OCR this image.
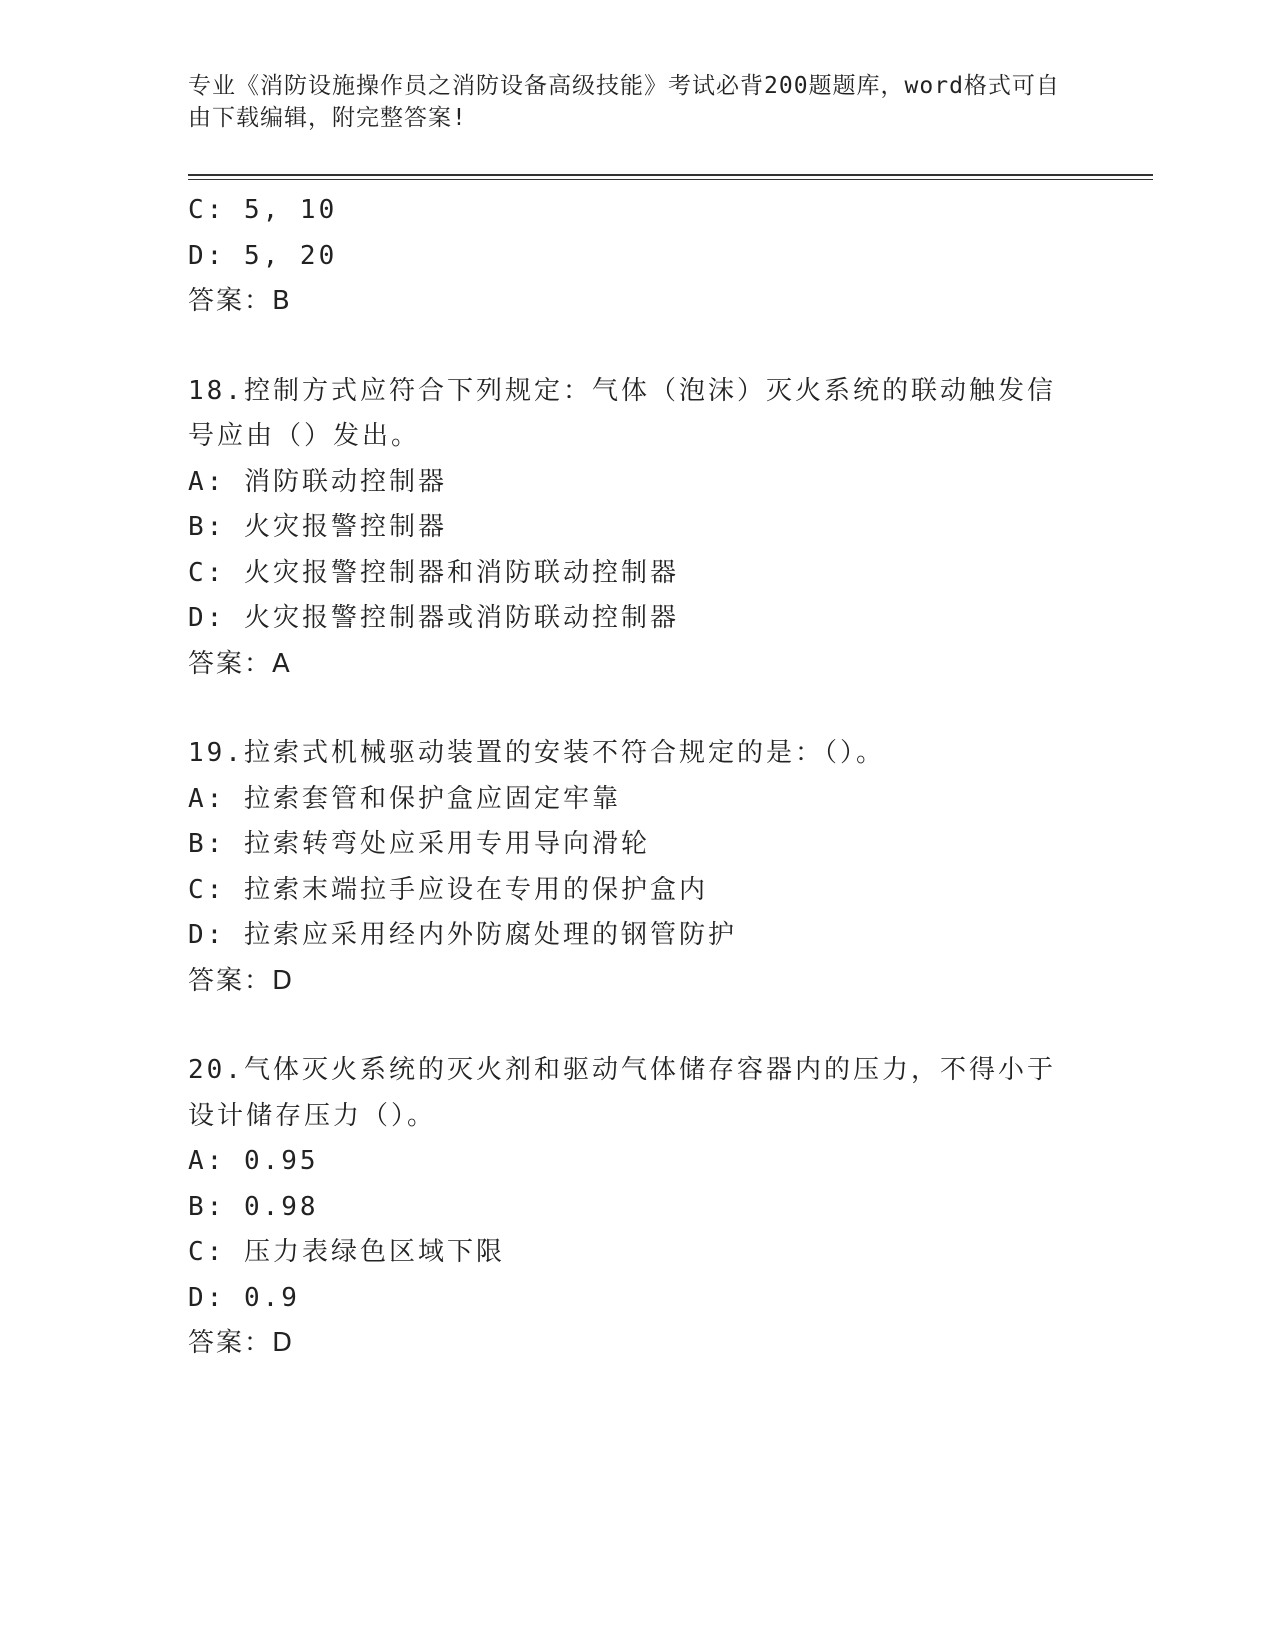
专业《消防设施操作员之消防设备高级技能》考试必背200题题库，word格式可自由下载编辑，附完整答案!
C: 5, 10
D: 5, 20
答案：B
18.控制方式应符合下列规定：气体（泡沫）灭火系统的联动触发信号应由（）发出。
A: 消防联动控制器
B: 火灾报警控制器
C: 火灾报警控制器和消防联动控制器
D: 火灾报警控制器或消防联动控制器
答案：A
19.拉索式机械驱动装置的安装不符合规定的是：（）。
A: 拉索套管和保护盒应固定牢靠
B: 拉索转弯处应采用专用导向滑轮
C: 拉索末端拉手应设在专用的保护盒内
D: 拉索应采用经内外防腐处理的钢管防护
答案：D
20.气体灭火系统的灭火剂和驱动气体储存容器内的压力，不得小于设计储存压力（）。
A: 0.95
B: 0.98
C: 压力表绿色区域下限
D: 0.9
答案：D
